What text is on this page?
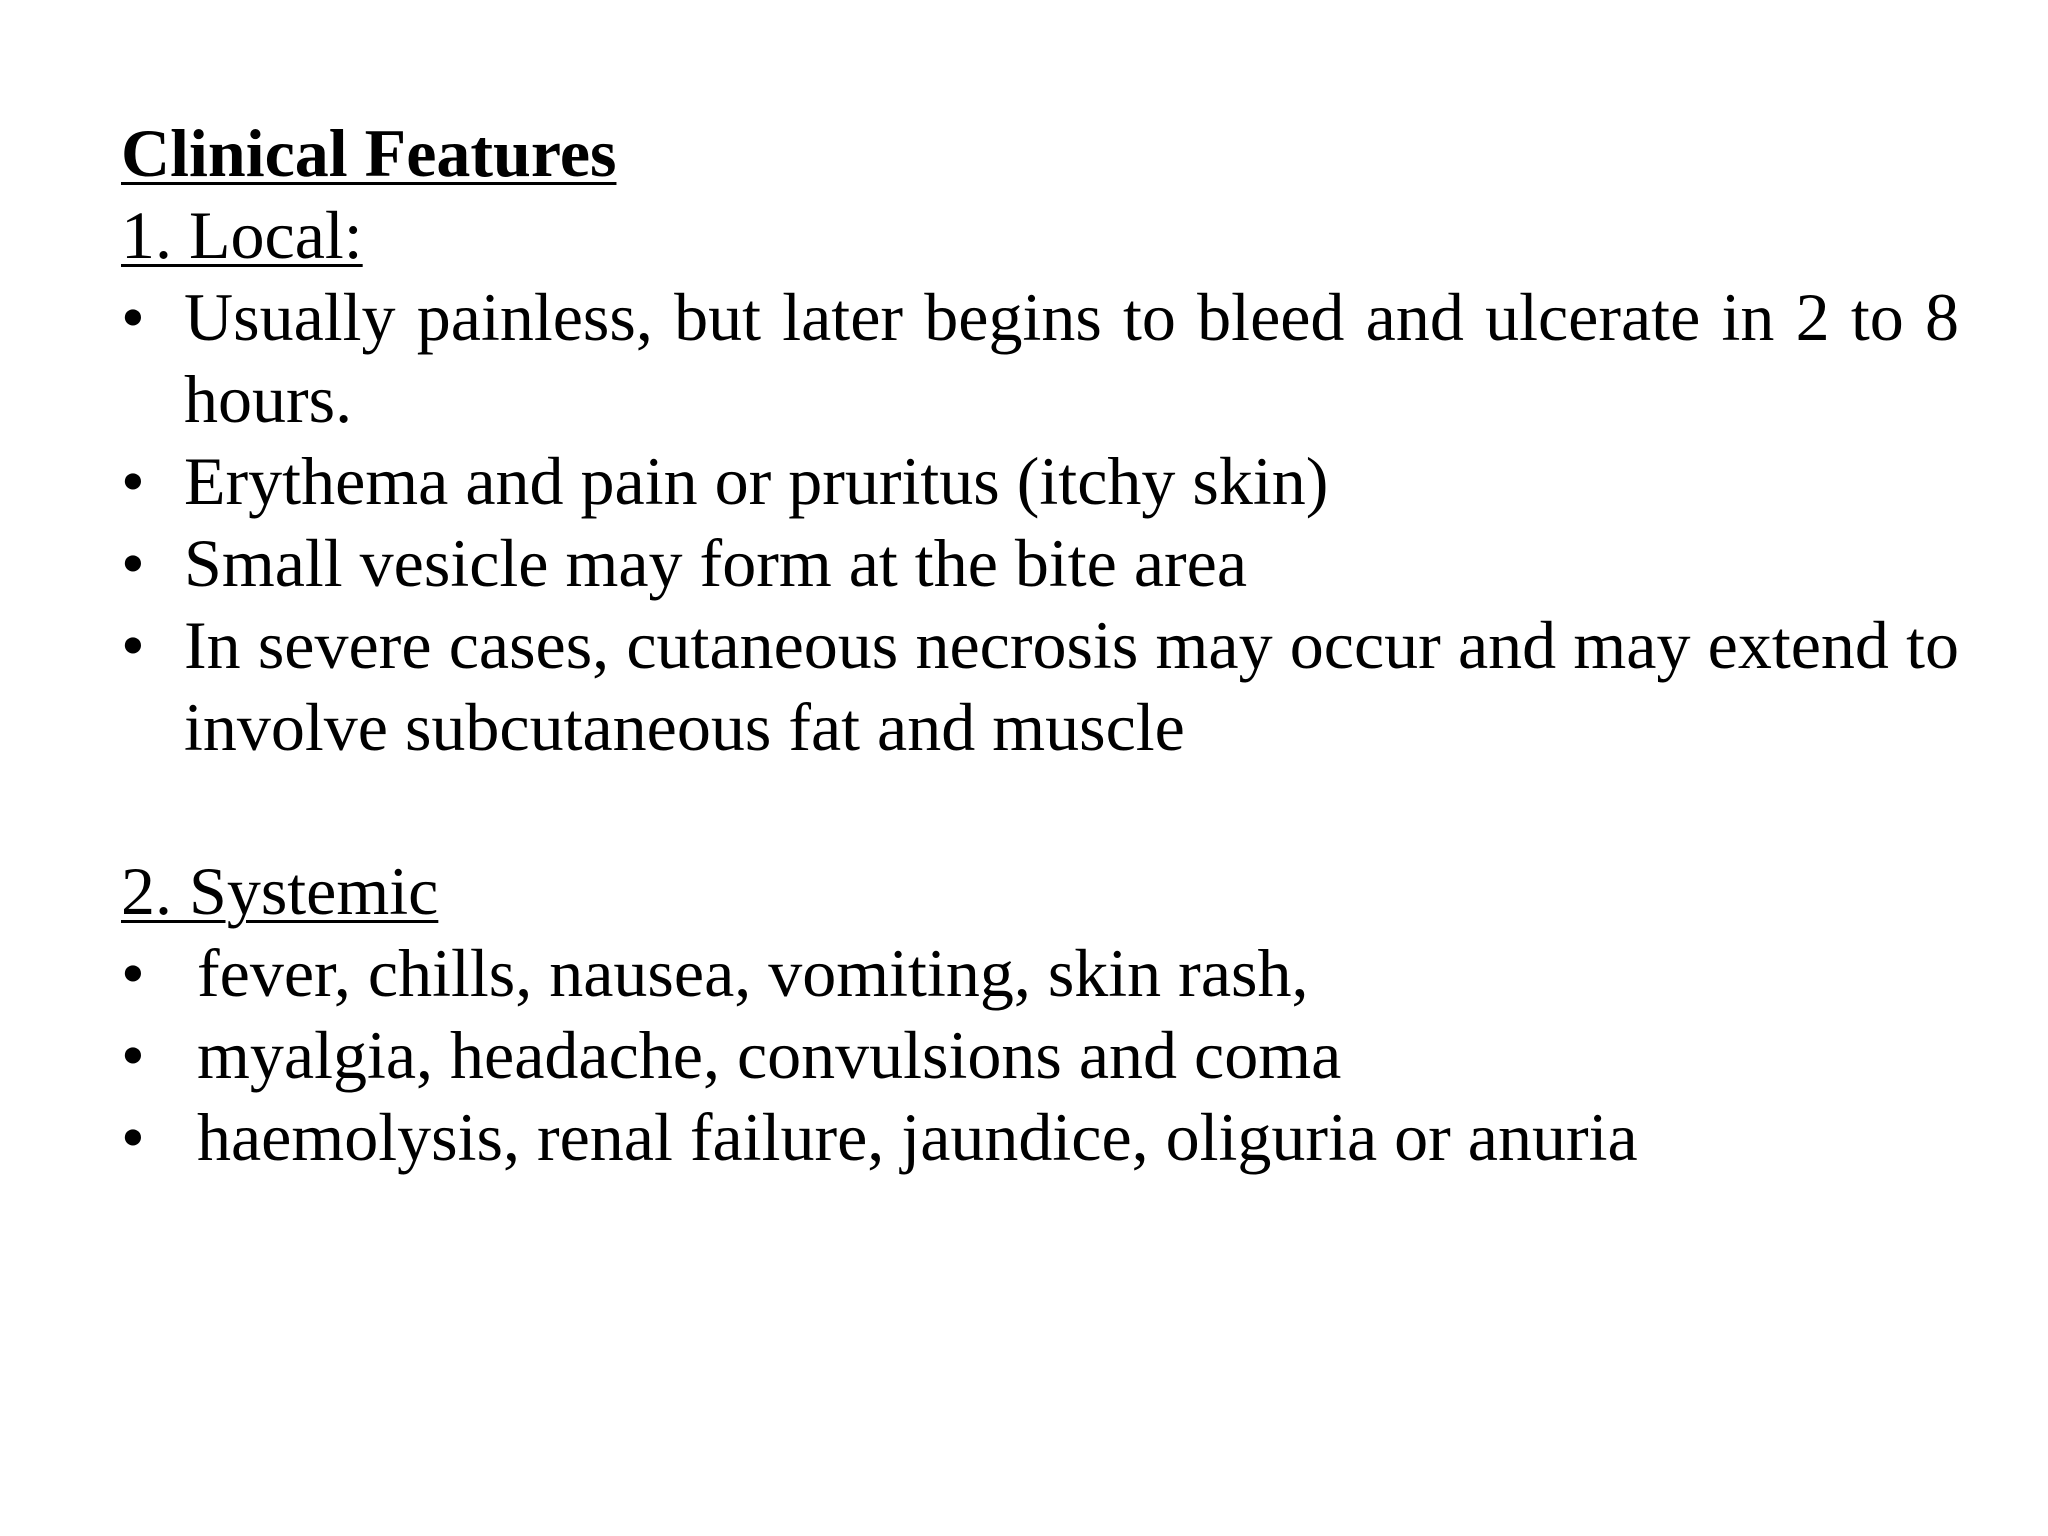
Clinical Features
1. Local:
• Usually painless, but later begins to bleed and ulcerate in 2 to 8 hours.
• Erythema and pain or pruritus (itchy skin)
• Small vesicle may form at the bite area
• In severe cases, cutaneous necrosis may occur and may extend to involve subcutaneous fat and muscle
2. Systemic
• fever, chills, nausea, vomiting, skin rash,
• myalgia, headache, convulsions and coma
• haemolysis, renal failure, jaundice, oliguria or anuria
